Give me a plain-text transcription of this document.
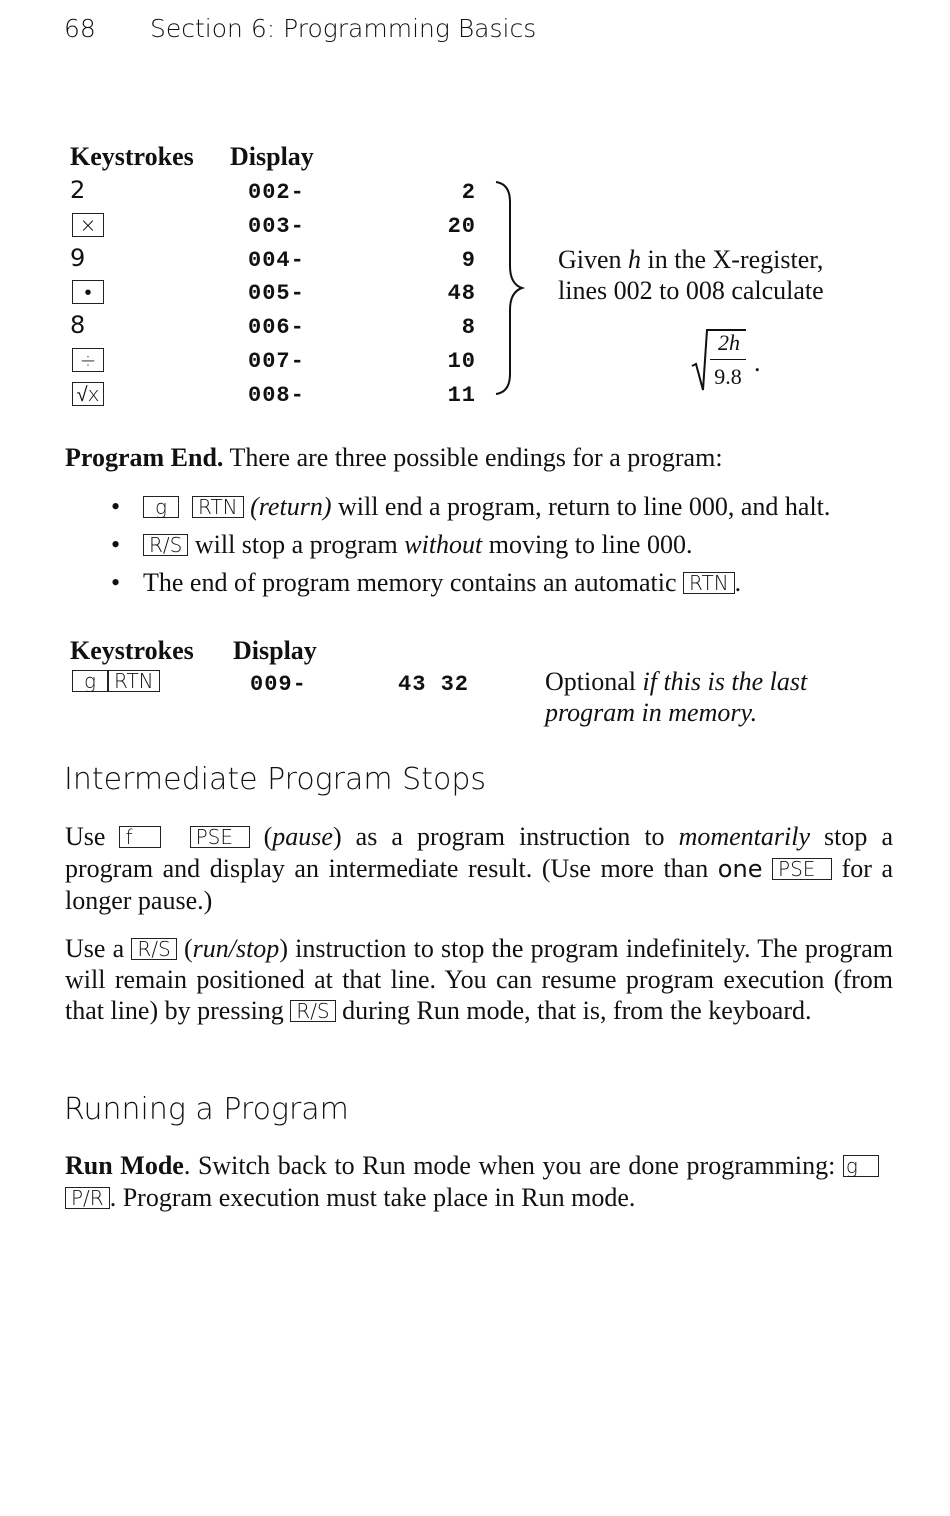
68 Section 6: Programming Basics
Keystrokes Display
2	002-	2
×	003-	20
9	004-	9
•	005-	48
8	006-	8
÷	007-	10
√x	008-	11
Given h in the X-register,
lines 002 to 008 calculate
2h
9.8 .
Program End. There are three possible endings for a program:
• g RTN (return) will end a program, return to line 000, and halt.
• R/S will stop a program without moving to line 000.
• The end of program memory contains an automatic RTN .
Keystrokes Display
g RTN	009-	43 32	Optional if this is the last
program in memory.
Intermediate Program Stops
Use f	PSE (pause) as a program instruction to momentarily stop a program and display an intermediate result. (Use more than one PSE for a longer pause.)
Use a R/S (run/stop) instruction to stop the program indefinitely. The program will remain positioned at that line. You can resume program execution (from that line) by pressing R/S during Run mode, that is, from the keyboard.
Running a Program
Run Mode. Switch back to Run mode when you are done programming: g  P/R . Program execution must take place in Run mode.
